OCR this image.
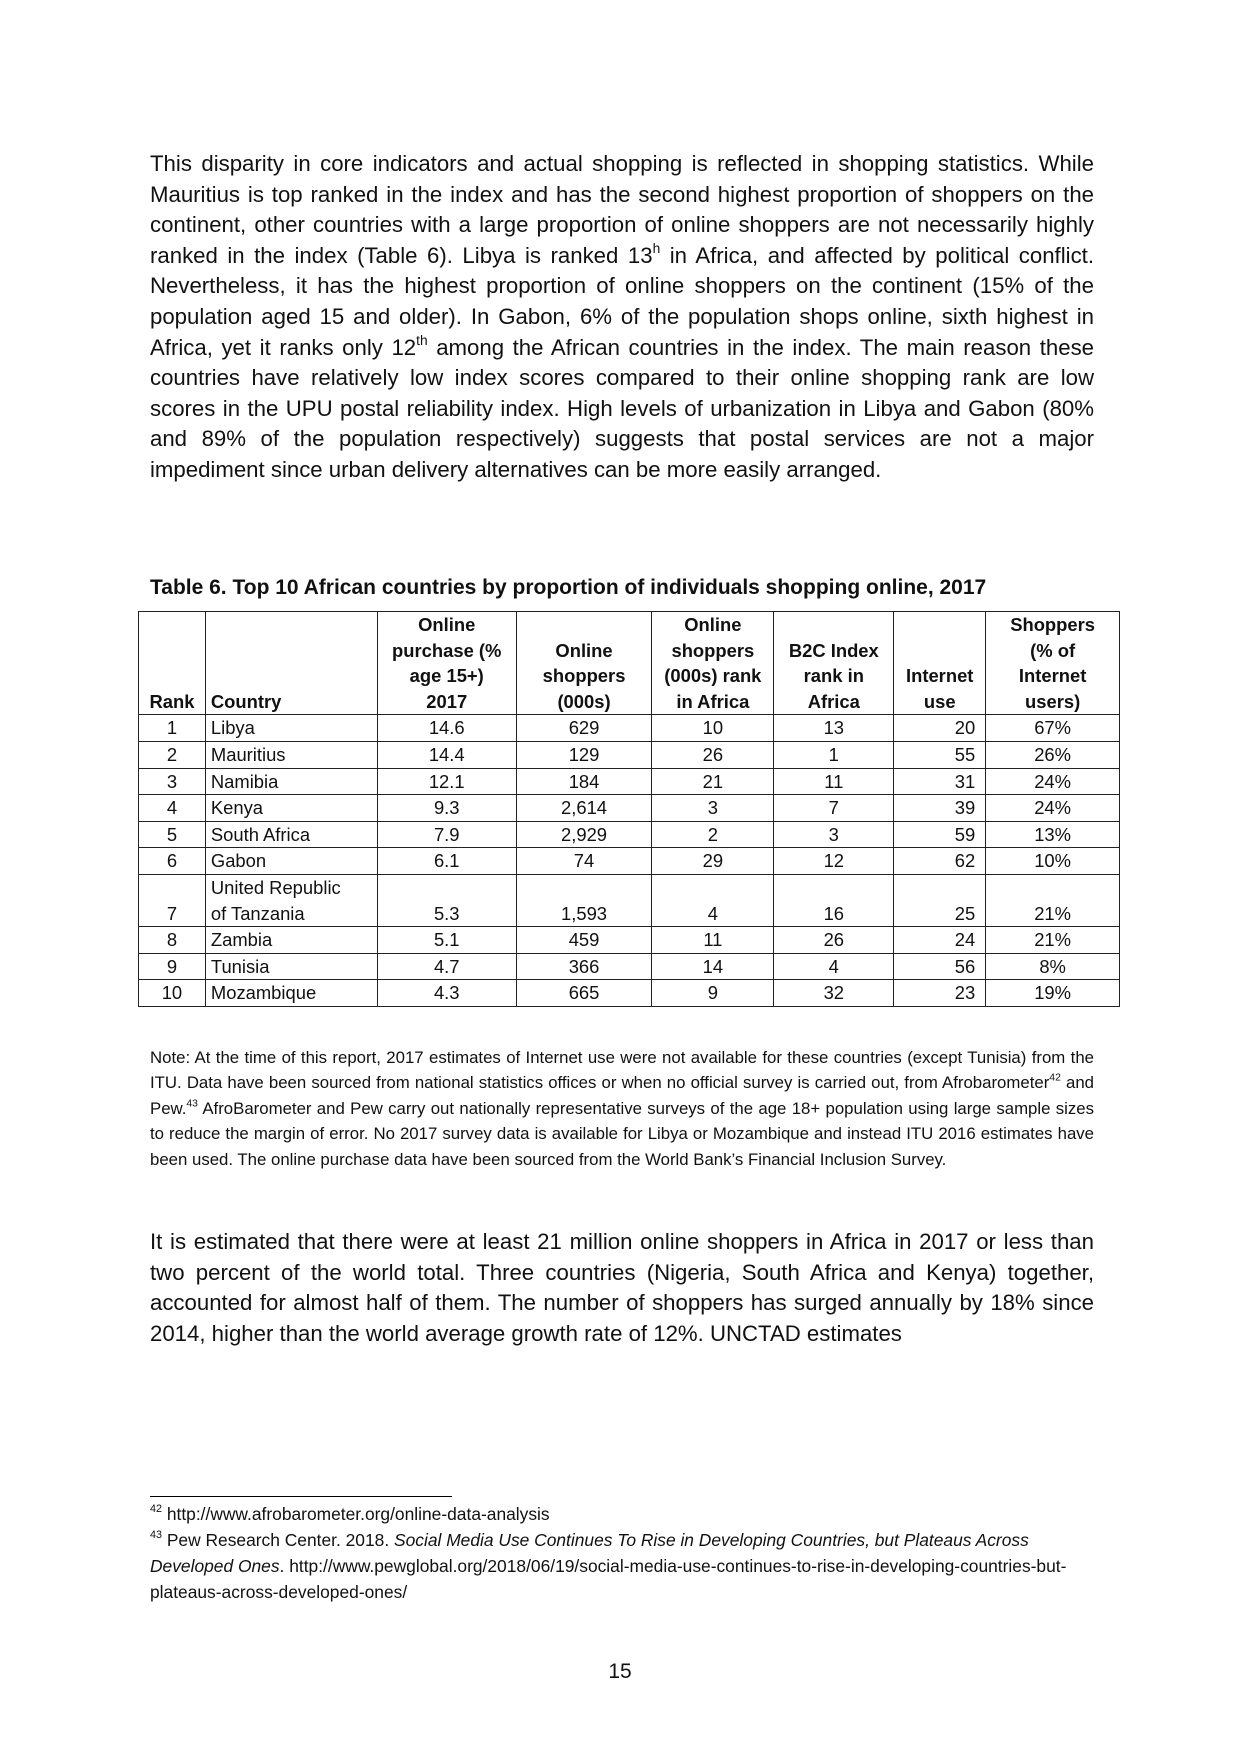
This disparity in core indicators and actual shopping is reflected in shopping statistics. While Mauritius is top ranked in the index and has the second highest proportion of shoppers on the continent, other countries with a large proportion of online shoppers are not necessarily highly ranked in the index (Table 6). Libya is ranked 13$^h$ in Africa, and affected by political conflict. Nevertheless, it has the highest proportion of online shoppers on the continent (15% of the population aged 15 and older). In Gabon, 6% of the population shops online, sixth highest in Africa, yet it ranks only 12th among the African countries in the index. The main reason these countries have relatively low index scores compared to their online shopping rank are low scores in the UPU postal reliability index. High levels of urbanization in Libya and Gabon (80% and 89% of the population respectively) suggests that postal services are not a major impediment since urban delivery alternatives can be more easily arranged.

Table 6. Top 10 African countries by proportion of individuals shopping online, 2017

Rank	Country	Online purchase (% age 15+) 2017	Online shoppers (000s)	Online shoppers (000s) rank in Africa	B2C Index rank in Africa	Internet use	Shoppers (% of Internet users)

1	Libya	14.6	629	10	13	20	67%
2	Mauritius	14.4	129	26	1	55	26%
3	Namibia	12.1	184	21	11	31	24%
4	Kenya	9.3	2,614	3	7	39	24%
5	South Africa	7.9	2,929	2	3	59	13%
6	Gabon	6.1	74	29	12	62	10%
7	United Republic of Tanzania	5.3	1,593	4	16	25	21%
8	Zambia	5.1	459	11	26	24	21%
9	Tunisia	4.7	366	14	4	56	8%
10	Mozambique	4.3	665	9	32	23	19%

Note: At the time of this report, 2017 estimates of Internet use were not available for these countries (except Tunisia) from the ITU. Data have been sourced from national statistics offices or when no official survey is carried out, from Afrobarometer$^{42}$ and Pew.$^{43}$ AfroBarometer and Pew carry out nationally representative surveys of the age 18+ population using large sample sizes to reduce the margin of error. No 2017 survey data is available for Libya or Mozambique and instead ITU 2016 estimates have been used. The online purchase data have been sourced from the World Bank’s Financial Inclusion Survey.

It is estimated that there were at least 21 million online shoppers in Africa in 2017 or less than two percent of the world total. Three countries (Nigeria, South Africa and Kenya) together, accounted for almost half of them. The number of shoppers has surged annually by 18% since 2014, higher than the world average growth rate of 12%. UNCTAD estimates

$^{42}$ http://www.afrobarometer.org/online-data-analysis

$^{43}$ Pew Research Center. 2018. Social Media Use Continues To Rise in Developing Countries, but Plateaus Across Developed Ones. http://www.pewglobal.org/2018/06/19/social-media-use-continues-to-rise-in-developing-countries-but-plateaus-across-developed-ones/

15
